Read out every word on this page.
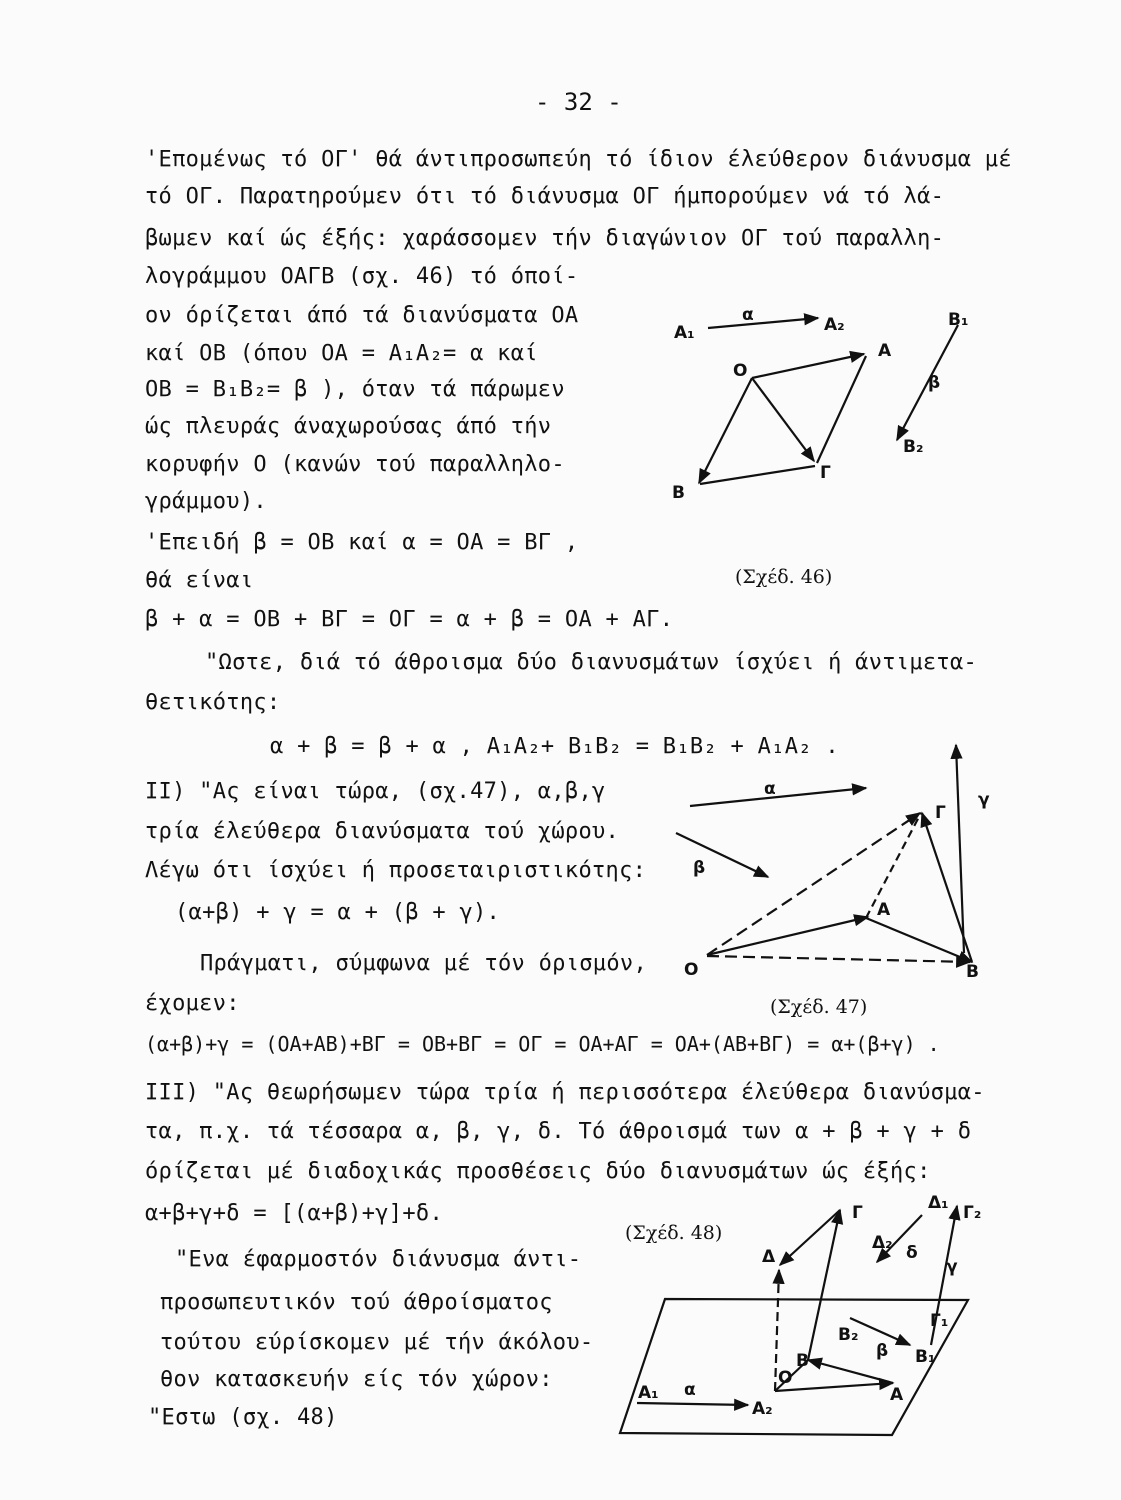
- 32 -
'Επομένως τό ΟΓ' θά άντιπροσωπεύη τό ίδιον έλεύθερον διάνυσμα μέ
τό ΟΓ. Παρατηρούμεν ότι τό διάνυσμα ΟΓ ήμπορούμεν νά τό λά-
βωμεν καί ώς έξής: χαράσσομεν τήν διαγώνιον ΟΓ τού παραλλη-
λογράμμου ΟΑΓΒ (σχ. 46) τό όποί-
ον όρίζεται άπό τά διανύσματα ΟΑ
καί ΟΒ (όπου ΟΑ = Α₁Α₂= α καί
ΟΒ = Β₁Β₂= β ), όταν τά πάρωμεν
ώς πλευράς άναχωρούσας άπό τήν
κορυφήν Ο (κανών τού παραλληλο-
γράμμου).
'Επειδή β = ΟΒ καί α = ΟΑ = ΒΓ ,
θά είναι
β + α = ΟΒ + ΒΓ = ΟΓ = α + β = ΟΑ + ΑΓ.
"Ωστε, διά τό άθροισμα δύο διανυσμάτων ίσχύει ή άντιμετα-
θετικότης:
α + β = β + α , Α₁Α₂+ Β₁Β₂ = Β₁Β₂ + Α₁Α₂ .
ΙΙ) "Ας είναι τώρα, (σχ.47), α,β,γ
τρία έλεύθερα διανύσματα τού χώρου.
Λέγω ότι ίσχύει ή προσεταιριστικότης:
(α+β) + γ = α + (β + γ).
Πράγματι, σύμφωνα μέ τόν όρισμόν,
έχομεν:
(α+β)+γ = (ΟΑ+ΑΒ)+ΒΓ = ΟΒ+ΒΓ = ΟΓ = ΟΑ+ΑΓ = ΟΑ+(ΑΒ+ΒΓ) = α+(β+γ) .
ΙΙΙ) "Ας θεωρήσωμεν τώρα τρία ή περισσότερα έλεύθερα διανύσμα-
τα, π.χ. τά τέσσαρα α, β, γ, δ. Τό άθροισμά των α + β + γ + δ
όρίζεται μέ διαδοχικάς προσθέσεις δύο διανυσμάτων ώς έξής:
α+β+γ+δ = [(α+β)+γ]+δ.
"Ενα έφαρμοστόν διάνυσμα άντι-
προσωπευτικόν τού άθροίσματος
τούτου εύρίσκομεν μέ τήν άκόλου-
θον κατασκευήν είς τόν χώρον:
"Εστω (σχ. 48)
(Σχέδ. 46)
(Σχέδ. 47)
(Σχέδ. 48)
A₁
α	A₂	B₁
O
A
β
B₂
B
Γ
α
γ
Γ
β
A
O	B
Δ
Γ	Δ₁ Γ₂
Δ₂ δ
γ
Γ₁
B₂
β B₁
B
O
A₁ α	A
A₂
